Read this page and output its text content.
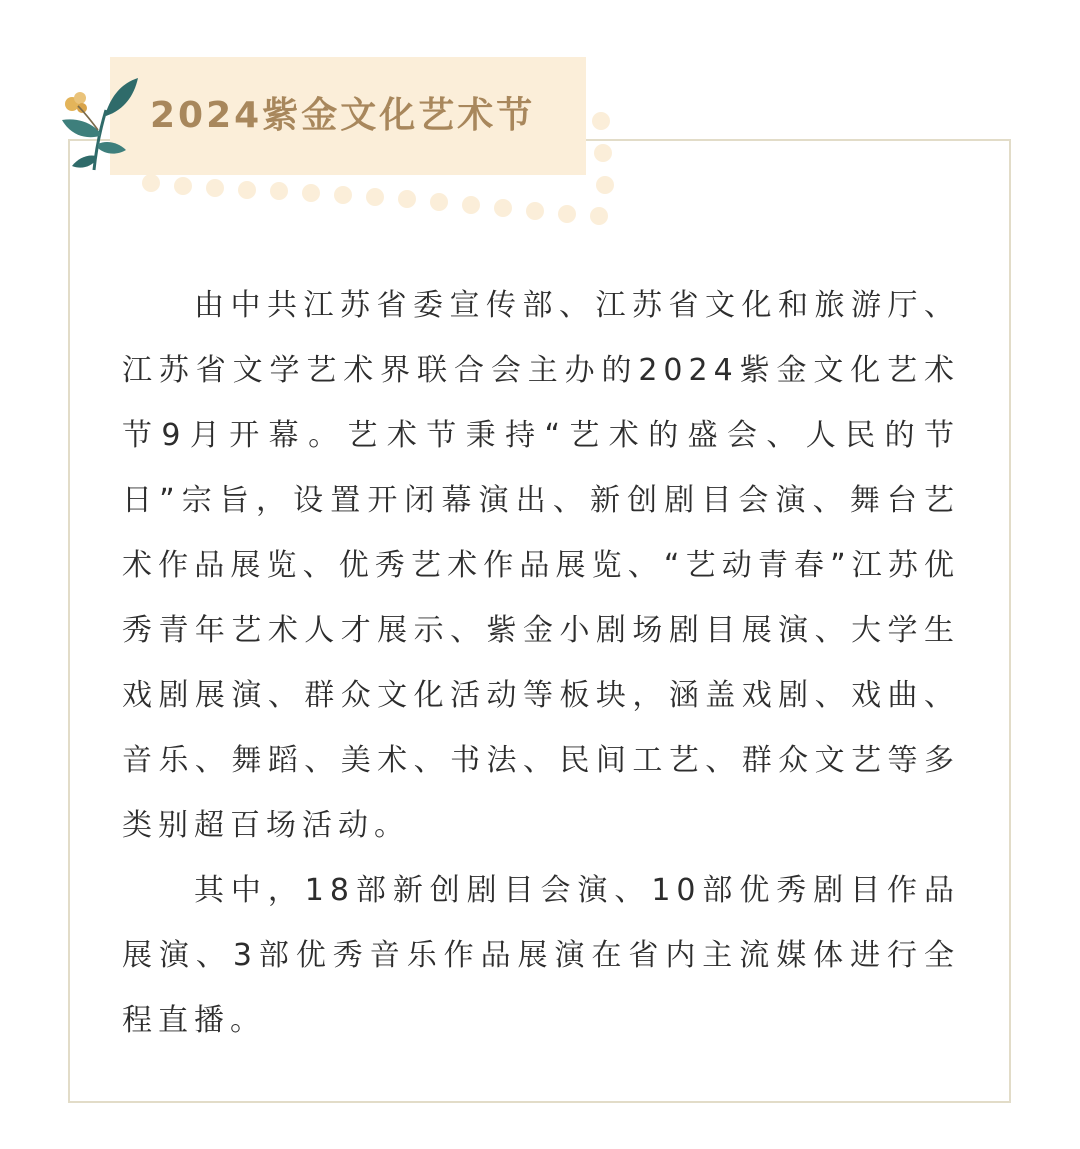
2024紫金文化艺术节

由中共江苏省委宣传部、江苏省文化和旅游厅、江苏省文学艺术界联合会主办的2024紫金文化艺术节9月开幕。艺术节秉持“艺术的盛会、人民的节日”宗旨，设置开闭幕演出、新创剧目会演、舞台艺术作品展览、优秀艺术作品展览、“艺动青春”江苏优秀青年艺术人才展示、紫金小剧场剧目展演、大学生戏剧展演、群众文化活动等板块，涵盖戏剧、戏曲、音乐、舞蹈、美术、书法、民间工艺、群众文艺等多类别超百场活动。

其中，18部新创剧目会演、10部优秀剧目作品展演、3部优秀音乐作品展演在省内主流媒体进行全程直播。
